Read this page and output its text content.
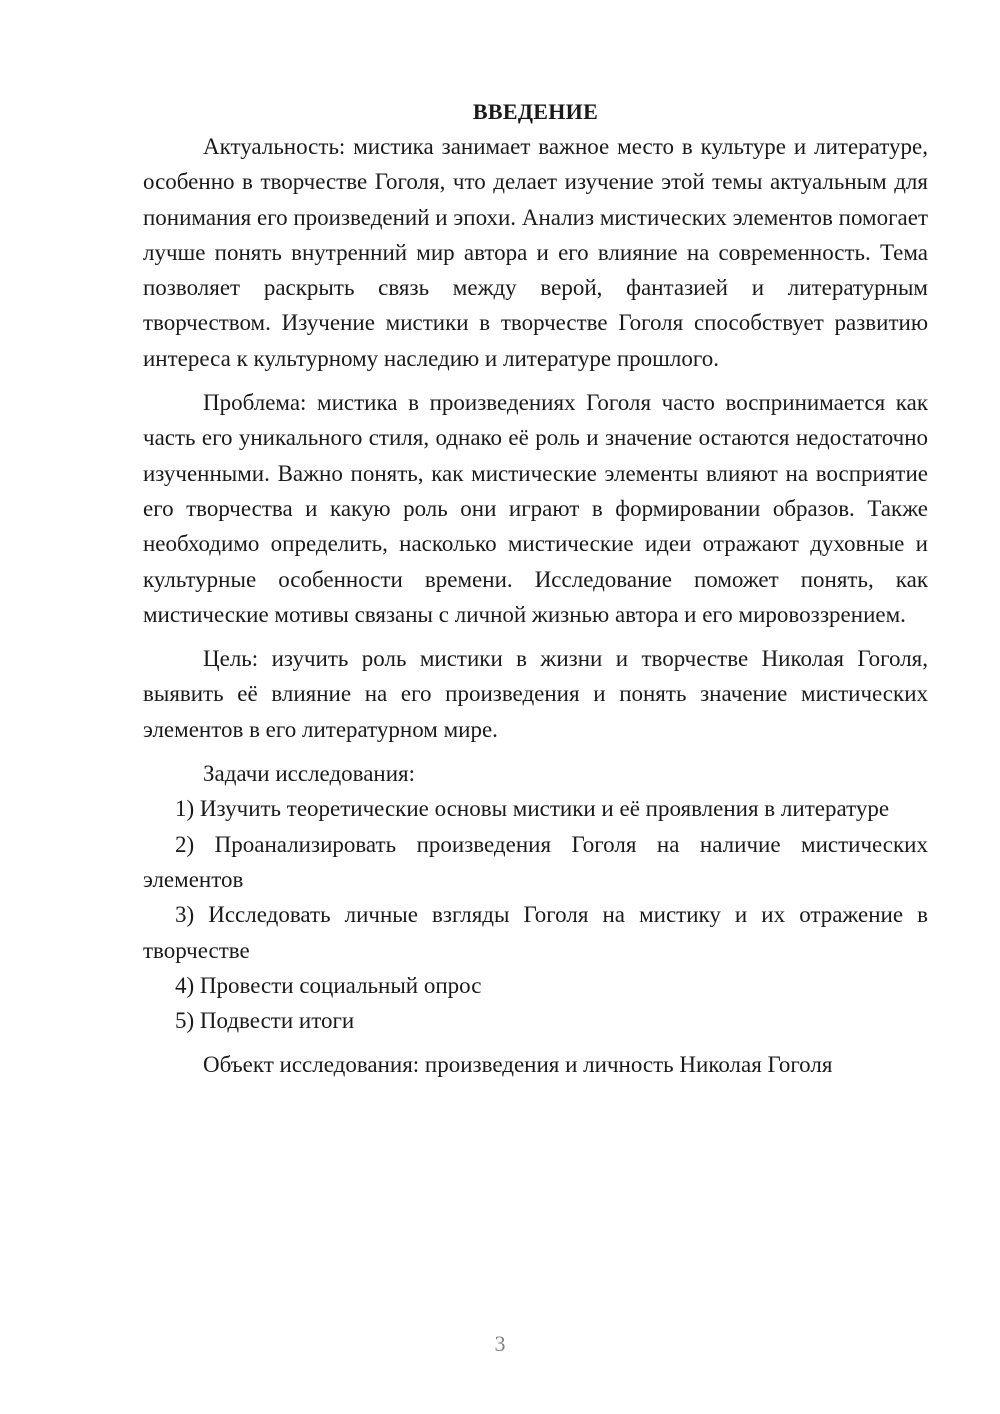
ВВЕДЕНИЕ

Актуальность: мистика занимает важное место в культуре и литературе, особенно в творчестве Гоголя, что делает изучение этой темы актуальным для понимания его произведений и эпохи. Анализ мистических элементов помогает лучше понять внутренний мир автора и его влияние на современность. Тема позволяет раскрыть связь между верой, фантазией и литературным творчеством. Изучение мистики в творчестве Гоголя способствует развитию интереса к культурному наследию и литературе прошлого.

Проблема: мистика в произведениях Гоголя часто воспринимается как часть его уникального стиля, однако её роль и значение остаются недостаточно изученными. Важно понять, как мистические элементы влияют на восприятие его творчества и какую роль они играют в формировании образов. Также необходимо определить, насколько мистические идеи отражают духовные и культурные особенности времени. Исследование поможет понять, как мистические мотивы связаны с личной жизнью автора и его мировоззрением.

Цель: изучить роль мистики в жизни и творчестве Николая Гоголя, выявить её влияние на его произведения и понять значение мистических элементов в его литературном мире.

Задачи исследования:

1) Изучить теоретические основы мистики и её проявления в литературе

2) Проанализировать произведения Гоголя на наличие мистических элементов

3) Исследовать личные взгляды Гоголя на мистику и их отражение в творчестве

4) Провести социальный опрос

5) Подвести итоги

Объект исследования: произведения и личность Николая Гоголя

3
